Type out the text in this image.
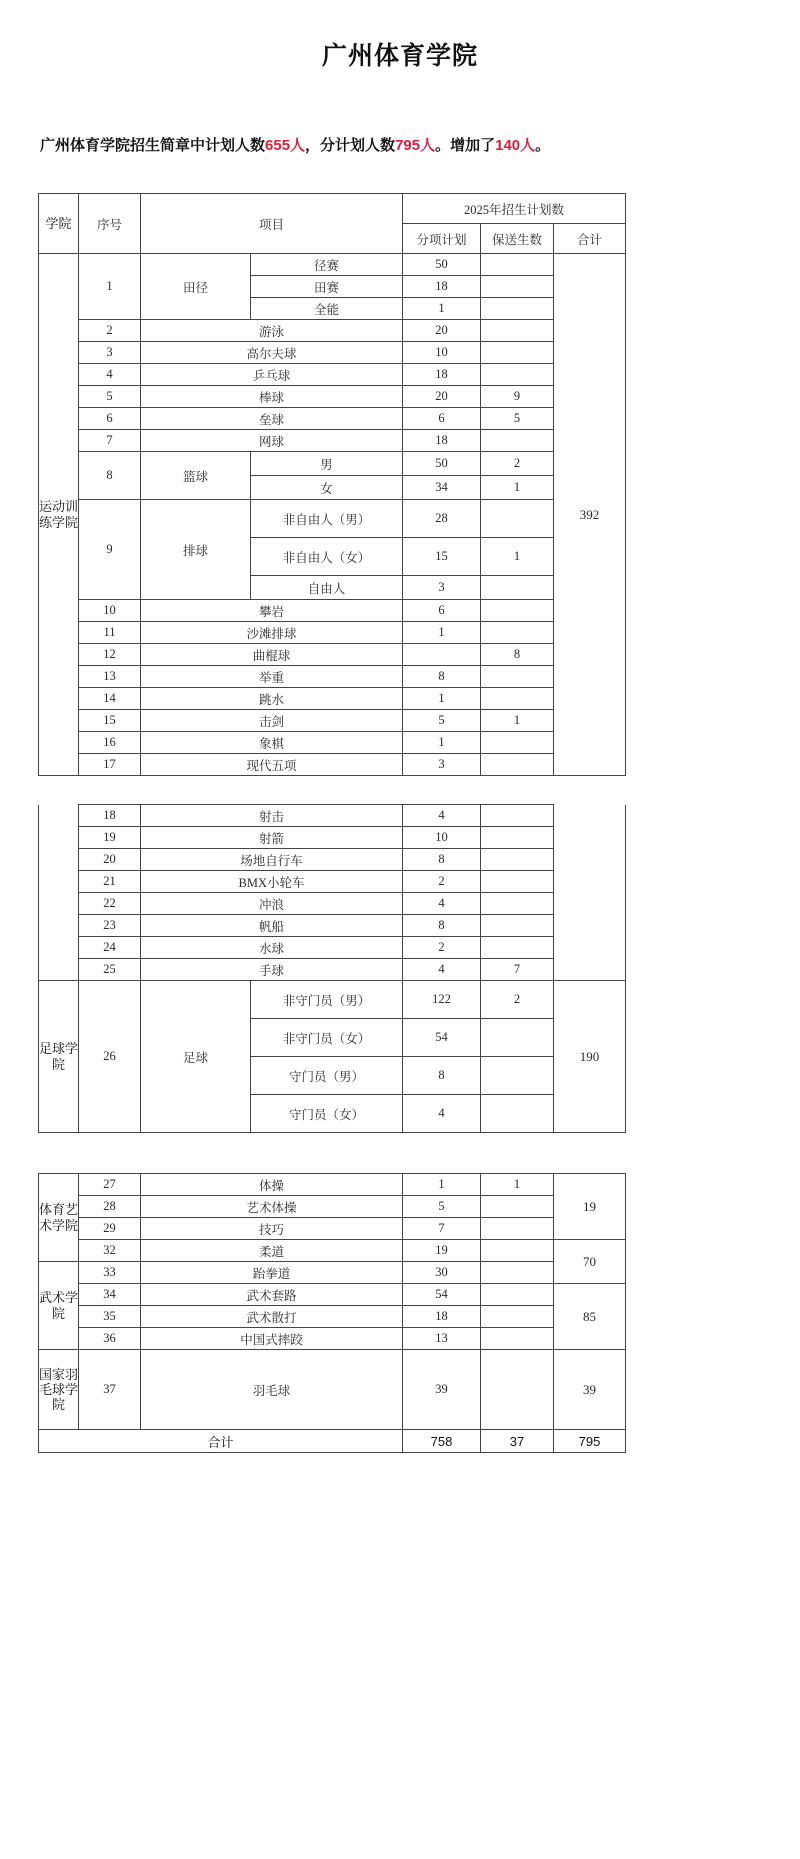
广州体育学院
广州体育学院招生简章中计划人数655人，分计划人数795人。增加了140人。
学院	序号	项目		2025年招生计划数		
				分项计划	保送生数	合计
运动训练学院	1	田径	径赛	50		392
			田赛	18		
			全能	1		
	2	游泳		20		
	3	高尔夫球		10		
	4	乒乓球		18		
	5	棒球		20	9	
	6	垒球		6	5	
	7	网球		18		
	8	篮球	男	50	2	
			女	34	1	
	9	排球	非自由人（男）	28		
			非自由人（女）	15	1	
			自由人	3		
	10	攀岩		6		
	11	沙滩排球		1		
	12	曲棍球			8	
	13	举重		8		
	14	跳水		1		
	15	击剑		5	1	
	16	象棋		1		
	17	现代五项		3		
	18	射击		4		
	19	射箭		10		
	20	场地自行车		8		
	21	BMX小轮车		2		
	22	冲浪		4		
	23	帆船		8		
	24	水球		2		
	25	手球		4	7	
足球学院	26	足球	非守门员（男）	122	2	190
			非守门员（女）	54		
			守门员（男）	8		
			守门员（女）	4		
体育艺术学院	27	体操	1	1	19
	28	艺术体操	5		
	29	技巧	7		
	32	柔道	19		70
武术学院	33	跆拳道	30		
	34	武术套路	54		85
	35	武术散打	18		
	36	中国式摔跤	13		
国家羽毛球学院	37	羽毛球	39		39
合计			758	37	795
